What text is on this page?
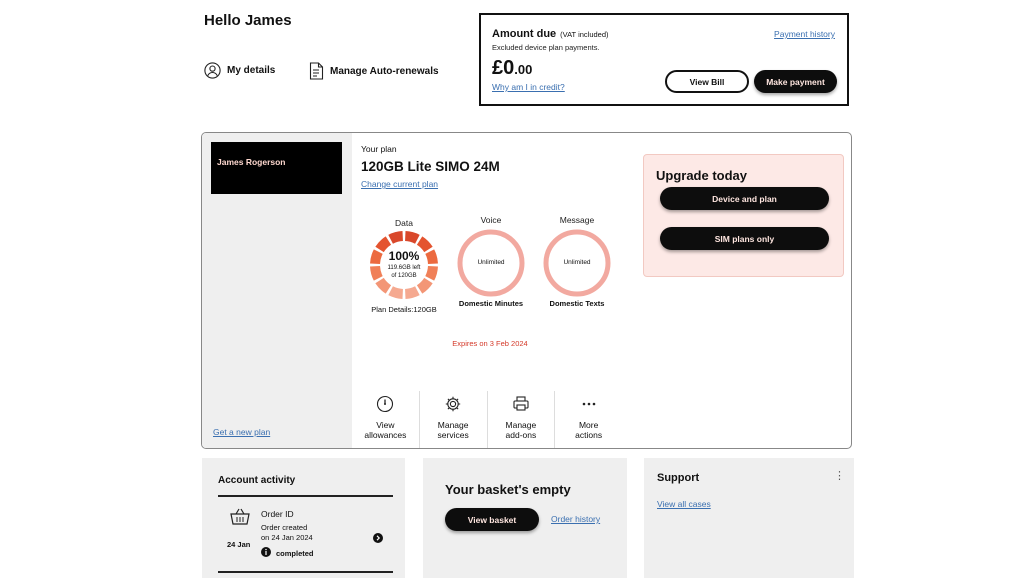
Hello James
My details	Manage Auto-renewals
Amount due (VAT included)
Excluded device plan payments.
£0.00
Why am I in credit?
Payment history
View Bill	Make payment
James Rogerson
Get a new plan
Your plan
120GB Lite SIMO 24M
Change current plan
Data
100%
119.6GB left
of 120GB
Plan Details:120GB
Voice
Unlimited
Domestic Minutes
Message
Unlimited
Domestic Texts
Expires on 3 Feb 2024
View
allowances
Manage
services
Manage
add-ons
More
actions
Upgrade today
Device and plan
SIM plans only
Account activity
24 Jan
Order ID
Order created
on 24 Jan 2024
completed
Your basket's empty
View basket	Order history
Support
View all cases
⋮
